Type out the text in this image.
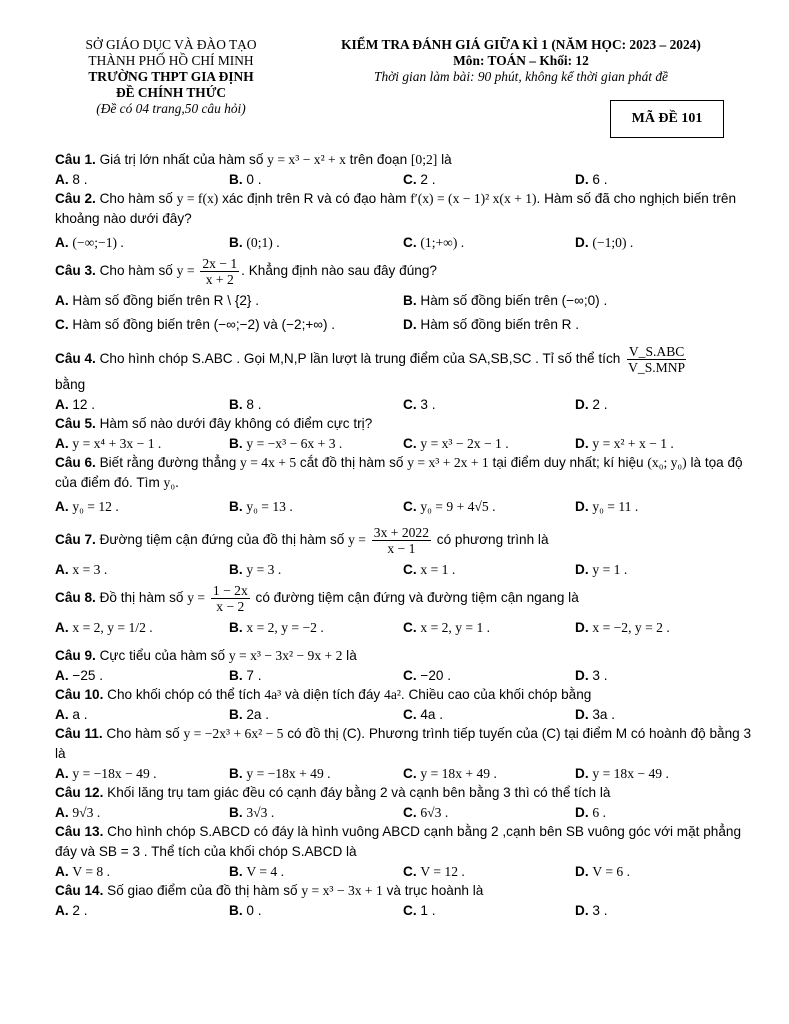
SỞ GIÁO DỤC VÀ ĐÀO TẠO
THÀNH PHỐ HỒ CHÍ MINH
TRƯỜNG THPT GIA ĐỊNH
ĐỀ CHÍNH THỨC
(Đề có 04 trang,50 câu hỏi)
KIỂM TRA ĐÁNH GIÁ GIỮA KÌ 1 (NĂM HỌC: 2023 – 2024)
Môn: TOÁN – Khối: 12
Thời gian làm bài: 90 phút, không kể thời gian phát đề
MÃ ĐỀ 101
Câu 1. Giá trị lớn nhất của hàm số y = x³ − x² + x trên đoạn [0;2] là
A. 8 .	B. 0 .	C. 2 .	D. 6 .
Câu 2. Cho hàm số y = f(x) xác định trên R và có đạo hàm f′(x) = (x − 1)² x(x + 1). Hàm số đã cho nghịch biến trên khoảng nào dưới đây?
A. (−∞;−1) .	B. (0;1) .	C. (1;+∞) .	D. (−1;0) .
Câu 3. Cho hàm số $y = \frac{2x - 1}{x + 2}$ . Khẳng định nào sau đây đúng?
A. Hàm số đồng biến trên R \ {2} .	B. Hàm số đồng biến trên (−∞;0) .
C. Hàm số đồng biến trên (−∞;−2) và (−2;+∞) .	D. Hàm số đồng biến trên R .
Câu 4. Cho hình chóp S.ABC . Gọi M,N,P lần lượt là trung điểm của SA,SB,SC . Tỉ số thể tích $\frac{\text{V\_S.ABC}}{\text{V\_S.MNP}}$
bằng
A. 12 .	B. 8 .	C. 3 .	D. 2 .
Câu 5. Hàm số nào dưới đây không có điểm cực trị?
A. y = x⁴ + 3x − 1 .	B. y = −x³ − 6x + 3 .	C. y = x³ − 2x − 1 .	D. y = x² + x − 1 .
Câu 6. Biết rằng đường thẳng y = 4x + 5 cắt đồ thị hàm số y = x³ + 2x + 1 tại điểm duy nhất; kí hiệu (x₀; y₀) là tọa độ của điểm đó. Tìm y₀.
A. y₀ = 12 .	B. y₀ = 13 .	C. y₀ = 9 + 4√5 .	D. y₀ = 11 .
Câu 7. Đường tiệm cận đứng của đồ thị hàm số $y = \frac{3x + 2022}{x - 1}$ có phương trình là
A. x = 3 .	B. y = 3 .	C. x = 1 .	D. y = 1 .
Câu 8. Đồ thị hàm số $y = \frac{1 - 2x}{x - 2}$ có đường tiệm cận đứng và đường tiệm cận ngang là
A. x = 2, y = 1/2 .	B. x = 2, y = −2 .	C. x = 2, y = 1 .	D. x = −2, y = 2 .
Câu 9. Cực tiểu của hàm số y = x³ − 3x² − 9x + 2 là
A. −25 .	B. 7 .	C. −20 .	D. 3 .
Câu 10. Cho khối chóp có thể tích 4a³ và diện tích đáy 4a². Chiều cao của khối chóp bằng
A. a .	B. 2a .	C. 4a .	D. 3a .
Câu 11. Cho hàm số y = −2x³ + 6x² − 5 có đồ thị (C). Phương trình tiếp tuyến của (C) tại điểm M có hoành độ bằng 3 là
A. y = −18x − 49 .	B. y = −18x + 49 .	C. y = 18x + 49 .	D. y = 18x − 49 .
Câu 12. Khối lăng trụ tam giác đều có cạnh đáy bằng 2 và cạnh bên bằng 3 thì có thể tích là
A. 9√3 .	B. 3√3 .	C. 6√3 .	D. 6 .
Câu 13. Cho hình chóp S.ABCD có đáy là hình vuông ABCD cạnh bằng 2 ,cạnh bên SB vuông góc với mặt phẳng đáy và SB = 3 . Thể tích của khối chóp S.ABCD là
A. V = 8 .	B. V = 4 .	C. V = 12 .	D. V = 6 .
Câu 14. Số giao điểm của đồ thị hàm số y = x³ − 3x + 1 và trục hoành là
A. 2 .	B. 0 .	C. 1 .	D. 3 .
